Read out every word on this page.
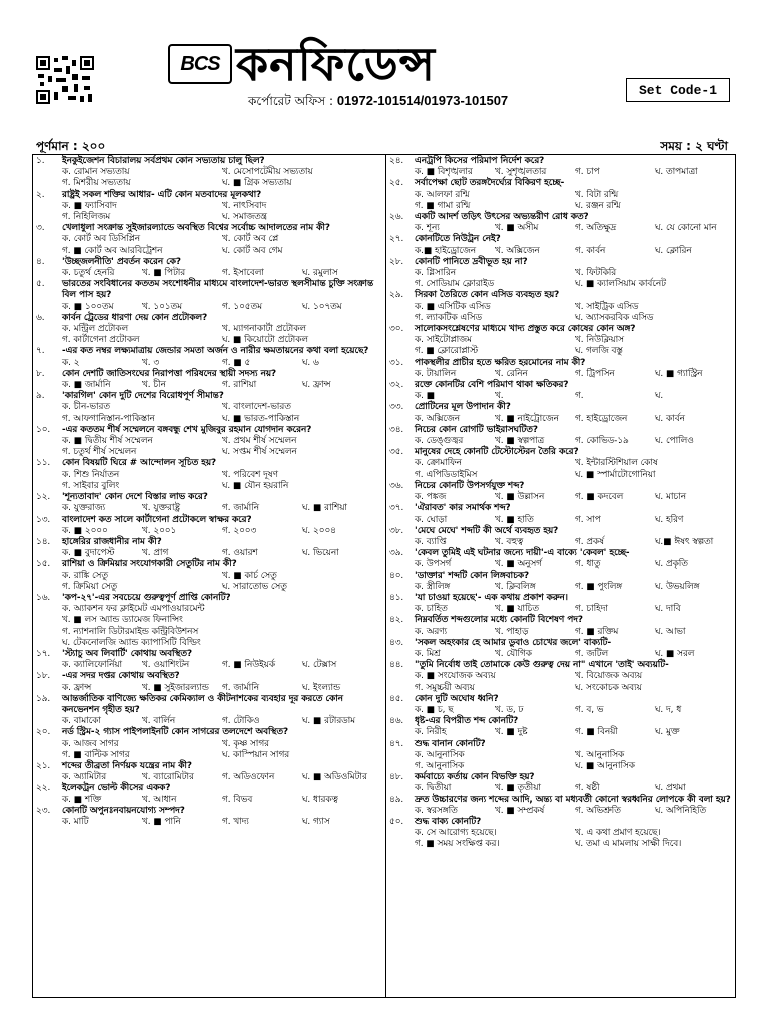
BCS কনফিডেন্স
কর্পোরেট অফিস : 01972-101514/01973-101507
Set Code-1
পূর্ণমান : ২০০	সময় : ২ ঘণ্টা
১.	ইনকুইজেশন বিচারালয় সর্বপ্রথম কোন সভ্যতায় চালু ছিল?
ক. রোমান সভ্যতায়	খ. মেসোপটেমীয় সভ্যতায়
গ. মিশরীয় সভ্যতায়	ঘ. ■ গ্রিক সভ্যতায়
২.	রাষ্ট্রই সকল শক্তির আধার- এটি কোন মতবাদের মূলকথা?
ক. ■ ফ্যাসিবাদ	খ. নাৎসিবাদ
গ. নিহিলিজম	ঘ. সমাজতন্ত্র
৩.	খেলাধুলা সংক্রান্ত সুইজারল্যান্ডে অবস্থিত বিশ্বের সর্বোচ্চ আদালতের নাম কী?
ক. কোর্ট অব ডিসিপ্লিন	খ. কোর্ট অব প্লে
গ. ■ কোর্ট অব আরবিট্রেশন	ঘ. কোর্ট অব গেম
৪.	'উচ্ছজলনীতি' প্রবর্তন করেন কে?
ক. চতুর্থ হেনরি	খ. ■ পিটার	গ. ইসাবেলা	ঘ. রমুলাস
৫.	ভারতের সংবিধানের কততম সংশোধনীর মাধ্যমে বাংলাদেশ-ভারত স্থলসীমান্ত চুক্তি সংক্রান্ত বিল পাস হয়?
ক. ■ ১০০তম	খ. ১০১তম	গ. ১০৫তম	ঘ. ১০৭তম
৬.	কার্বন ট্রেডের ধারণা দেয় কোন প্রটোকল?
ক. মন্ট্রিল প্রটোকল	খ. ম্যাগনাকার্টা প্রটোকল
গ. কার্টাগেনা প্রটোকল	ঘ. ■ কিয়োটো প্রটোকল
৭.	-এর কত নম্বর লক্ষ্যমাত্রায় জেন্ডার সমতা অর্জন ও নারীর ক্ষমতায়নের কথা বলা হয়েছে?
ক. ২	খ. ৩	গ. ■ ৫	ঘ. ৬
৮.	কোন দেশটি জাতিসংঘের নিরাপত্তা পরিষদের স্থায়ী সদস্য নয়?
ক. ■ জার্মানি	খ. চীন	গ. রাশিয়া	ঘ. ফ্রান্স
৯.	'কারগিল' কোন দুটি দেশের বিরোধপূর্ণ সীমান্ত?
ক. চীন-ভারত	খ. বাংলাদেশ-ভারত
গ. আফগানিস্তান-পাকিস্তান	ঘ. ■ ভারত-পাকিস্তান
১০.	-এর কততম শীর্ষ সম্মেলনে বঙ্গবন্ধু শেখ মুজিবুর রহমান যোগদান করেন?
ক. ■ দ্বিতীয় শীর্ষ সম্মেলন	খ. প্রথম শীর্ষ সম্মেলন
গ. চতুর্থ শীর্ষ সম্মেলন	ঘ. সপ্তম শীর্ষ সম্মেলন
১১.	কোন বিষয়টি ঘিরে # আন্দোলন সূচিত হয়?
ক. শিশু নির্যাতন	খ. পরিবেশ দূষণ
গ. সাইবার বুলিং	ঘ. ■ যৌন হয়রানি
১২.	'শূন্যতাবাদ' কোন দেশে বিস্তার লাভ করে?
ক. যুক্তরাজ্য	খ. যুক্তরাষ্ট্র	গ. জার্মানি	ঘ. ■ রাশিয়া
১৩.	বাংলাদেশ কত সালে কার্টাগেনা প্রটোকলে স্বাক্ষর করে?
ক. ■ ২০০০	খ. ২০০১	গ. ২০০৩	ঘ. ২০০৪
১৪.	হাঙ্গেরির রাজধানীর নাম কী?
ক. ■ বুদাপেস্ট	খ. প্রাগ	গ. ওয়ারশ	ঘ. ভিয়েনা
১৫.	রাশিয়া ও ক্রিমিয়ার সংযোগকারী সেতুটির নাম কী?
ক. রাঙ্কি সেতু	খ. ■ কার্চ সেতু
গ. ক্রিমিয়া সেতু	ঘ. সারাতোভ সেতু
১৬.	'কপ-২৭'-এর সবচেয়ে গুরুত্বপূর্ণ প্রাপ্তি কোনটি?
ক. অ্যাকশন ফর ক্লাইমেট এমপাওয়ারমেন্ট
খ. ■ লস অ্যান্ড ড্যামেজ ফিনান্সিং
গ. ন্যাশনালি ডিটারমাইন্ড কন্ট্রিবিউশনস
ঘ. টেকনোলজি অ্যান্ড ক্যাপাসিটি বিল্ডিং
১৭.	'স্ট্যাচু অব লিবার্টি' কোথায় অবস্থিত?
ক. ক্যালিফোর্নিয়া	খ. ওয়াশিংটন	গ. ■ নিউইয়র্ক	ঘ. টেক্সাস
১৮.	-এর সদর দপ্তর কোথায় অবস্থিত?
ক. ফ্রান্স	খ. ■ সুইজারল্যান্ড	গ. জার্মানি	ঘ. ইংল্যান্ড
১৯.	আন্তর্জাতিক বাণিজ্যে ক্ষতিকর কেমিক্যাল ও কীটনাশকের ব্যবহার দূর করতে কোন কনভেনশন গৃহীত হয়?
ক. বামাকো	খ. বার্লিন	গ. টোকিও	ঘ. ■ রটারডাম
২০.	নর্ড স্ট্রিম-২ গ্যাস পাইপলাইনটি কোন সাগরের তলদেশে অবস্থিত?
ক. আজব সাগর	খ. কৃষ্ণ সাগর
গ. ■ বাল্টিক সাগর	ঘ. কাস্পিয়ান সাগর
২১.	শব্দের তীব্রতা নির্ণয়ক যন্ত্রের নাম কী?
ক. অ্যামিটার	খ. ব্যারোমিটার	গ. অডিওফোন	ঘ. ■ অডিওমিটার
২২.	ইলেকট্রন ভোল্ট কীসের একক?
ক. ■ শক্তি	খ. আধান	গ. বিভব	ঘ. ধারকত্ব
২৩.	কোনটি অপুনঃনবায়নযোগ্য সম্পদ?
ক. মাটি	খ. ■ পানি	গ. খাদ্য	ঘ. গ্যাস
২৪.	এনট্রপি কিসের পরিমাপ নির্দেশ করে?
ক. ■ বিশৃঙ্খলার	খ. সুশৃঙ্খলতার	গ. চাপ	ঘ. তাপমাত্রা
২৫.	সর্বাপেক্ষা ছোট তরঙ্গদৈর্ঘ্যের বিকিরণ হচ্ছে-
ক. আলফা রশ্মি	খ. বিটা রশ্মি
গ. ■ গামা রশ্মি	ঘ. রঞ্জন রশ্মি
২৬.	একটি আদর্শ তড়িৎ উৎসের অভ্যন্তরীণ রোধ কত?
ক. শূন্য	খ. ■ অসীম	গ. অতিক্ষুদ্র	ঘ. যে কোনো মান
২৭.	কোনটিতে নিউট্রন নেই?
ক.■ হাইড্রোজেন	খ. অক্সিজেন	গ. কার্বন	ঘ. ক্লোরিন
২৮.	কোনটি পানিতে দ্রবীভূত হয় না?
ক. গ্লিসারিন	খ. ফিটকিরি
গ. সোডিয়াম ক্লোরাইড	ঘ. ■ ক্যালসিয়াম কার্বনেট
২৯.	সিরকা তৈরিতে কোন এসিড ব্যবহৃত হয়?
ক. ■ এসিটিক এসিড	খ. সাইট্রিক এসিড
গ. ল্যাকটিক এসিড	ঘ. অ্যাসকরবিক এসিড
৩০.	সালোকসংশ্লেষণের মাধ্যমে খাদ্য প্রস্তুত করে কোষের কোন অঙ্গ?
ক. সাইটোপ্লাজম	খ. নিউক্লিয়াস
গ. ■ ক্লোরোপ্লাস্ট	ঘ. গলজি বস্তু
৩১.	পাকস্থলীর প্রাচীর হতে ক্ষরিত হরমোনের নাম কী?
ক. টায়ালিন	খ. রেনিন	গ. ট্রিপসিন	ঘ. ■ গ্যাস্ট্রিন
৩২.	রক্তে কোনটির বেশি পরিমাণ থাকা ক্ষতিকর?
ক. ■	খ.	গ.	ঘ.
৩৩.	প্রোটিনের মূল উপাদান কী?
ক. অক্সিজেন	খ. ■ নাইট্রোজেন	গ. হাইড্রোজেন	ঘ. কার্বন
৩৪.	নিচের কোন রোগটি ভাইরাসঘটিত?
ক. ডেঙ্গুজ্বর	খ. ■ স্বল্পপাত্র	গ. কোভিড-১৯	ঘ. পোলিও
৩৫.	মানুষের দেহে কোনটি টেস্টোস্টেরন তৈরি করে?
ক. ক্রোমাফিন	খ. ইন্টারস্টিশিয়াল কোষ
গ. এপিডিডাইমিস	ঘ. ■ স্পার্মাটোগোনিয়া
৩৬.	নিচের কোনটি উপসর্গযুক্ত শব্দ?
ক. পঙ্কজ	খ. ■ উল্লাসন	গ. ■ কদবেল	ঘ. মাচান
৩৭.	'ঐরাবত' কার সমার্থক শব্দ?
ক. ঘোড়া	খ. ■ হাতি	গ. সাপ	ঘ. হরিণ
৩৮.	'মেঘে মেঘে' শব্দটি কী অর্থে ব্যবহৃত হয়?
ক. ব্যাপ্তি	খ. বহুত্ব	গ. প্রকর্ষ	ঘ.■ ঈষৎ স্বল্পতা
৩৯.	'কেবল তুমিই এই ঘটনার জন্যে দায়ী'-এ বাক্যে 'কেবল' হচ্ছে-
ক. উপসর্গ	খ. ■ অনুসর্গ	গ. ধাতু	ঘ. প্রকৃতি
৪০.	'ডাক্তার' শব্দটি কোন লিঙ্গবাচক?
ক. স্ত্রীলিঙ্গ	খ. ক্লিবলিঙ্গ	গ. ■ পুংলিঙ্গ	ঘ. উভয়লিঙ্গ
৪১.	'যা চাওয়া হয়েছে'- এক কথায় প্রকাশ করুন।
ক. চাহিত	খ. ■ যাচিত	গ. চাহিদা	ঘ. দাবি
৪২.	নিম্নবর্তিত শব্দগুলোর মধ্যে কোনটি বিশেষণ পদ?
ক. অরণ্য	খ. পাহাড়	গ. ■ রক্তিম	ঘ. আভা
৪৩.	'সকল অহংকার হে আমার ডুবাও চোখের জলে' বাক্যটি-
ক. মিশ্র	খ. যৌগিক	গ. জটিল	ঘ. ■ সরল
৪৪.	"তুমি নির্বোধ তাই তোমাকে কেউ গুরুত্ব দেয় না" এখানে 'তাই' অব্যয়টি-
ক. ■ সংযোজক অব্যয়	খ. বিয়োজক অব্যয়
গ. সমুচ্চয়ী অব্যয়	ঘ. সংকোচক অব্যয়
৪৫.	কোন দুটি অঘোষ ধ্বনি?
ক. ■ চ, ছ	খ. ড, ঢ	গ. ব, ভ	ঘ. দ, ধ
৪৬.	ধৃষ্ট-এর বিপরীত শব্দ কোনটি?
ক. নিরীহ	খ. ■ দুষ্ট	গ. ■ বিনয়ী	ঘ. মুক্ত
৪৭.	শুদ্ধ বানান কোনটি?
ক. আনুনাসিক	খ. আনুনাসিক
গ. আনুনাসিক	ঘ. ■ আনুনাসিক
৪৮.	কর্মবাচ্যে কর্তায় কোন বিভক্তি হয়?
ক. দ্বিতীয়া	খ. ■ তৃতীয়া	গ. ষষ্ঠী	ঘ. প্রথমা
৪৯.	দ্রুত উচ্চারণের জন্য শব্দের আদি, অন্ত্য বা মধ্যবর্তী কোনো স্বরধ্বনির লোপকে কী বলা হয়?
ক. স্বরসঙ্গতি	খ. ■ সম্প্রকর্ষ	গ. অভিশ্রুতি	ঘ. অপিনিহিতি
৫০.	শুদ্ধ বাক্য কোনটি?
ক. সে আরোগ্য হয়েছে।	খ. এ কথা প্রমাণ হয়েছে।
গ. ■ সময় সংক্ষিপ্ত কর।	ঘ. তমা এ মামলায় সাক্ষী দিবে।
